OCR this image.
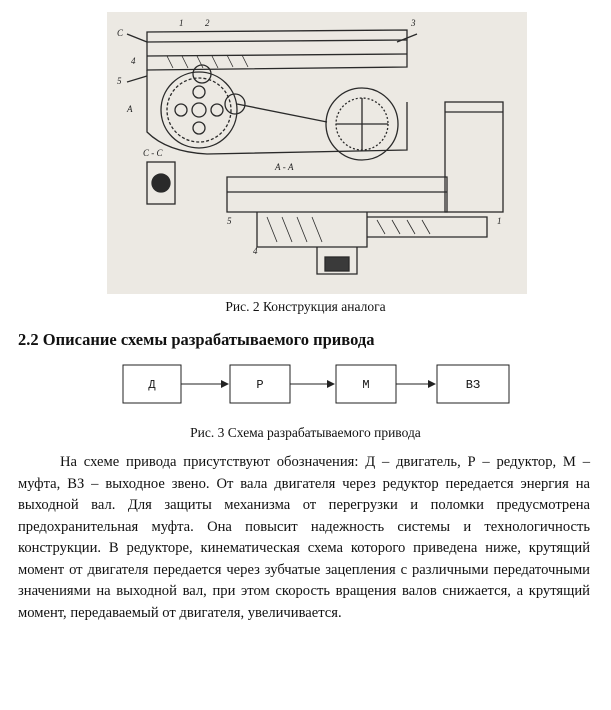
С
А
1 2	3
4
5
С - С
А - А
5
4
1
Рис. 2 Конструкция аналога
2.2 Описание схемы разрабатываемого привода
Д	Р	М	ВЗ
Рис. 3 Схема разрабатываемого привода

На схеме привода присутствуют обозначения: Д – двигатель, Р – редуктор, М – муфта, ВЗ – выходное звено. От вала двигателя через редуктор передается энергия на выходной вал. Для защиты механизма от перегрузки и поломки предусмотрена предохранительная муфта. Она повысит надежность системы и технологичность конструкции. В редукторе, кинематическая схема которого приведена ниже, крутящий момент от двигателя передается через зубчатые зацепления с различными передаточными значениями на выходной вал, при этом скорость вращения валов снижается, а крутящий момент, передаваемый от двигателя, увеличивается.
